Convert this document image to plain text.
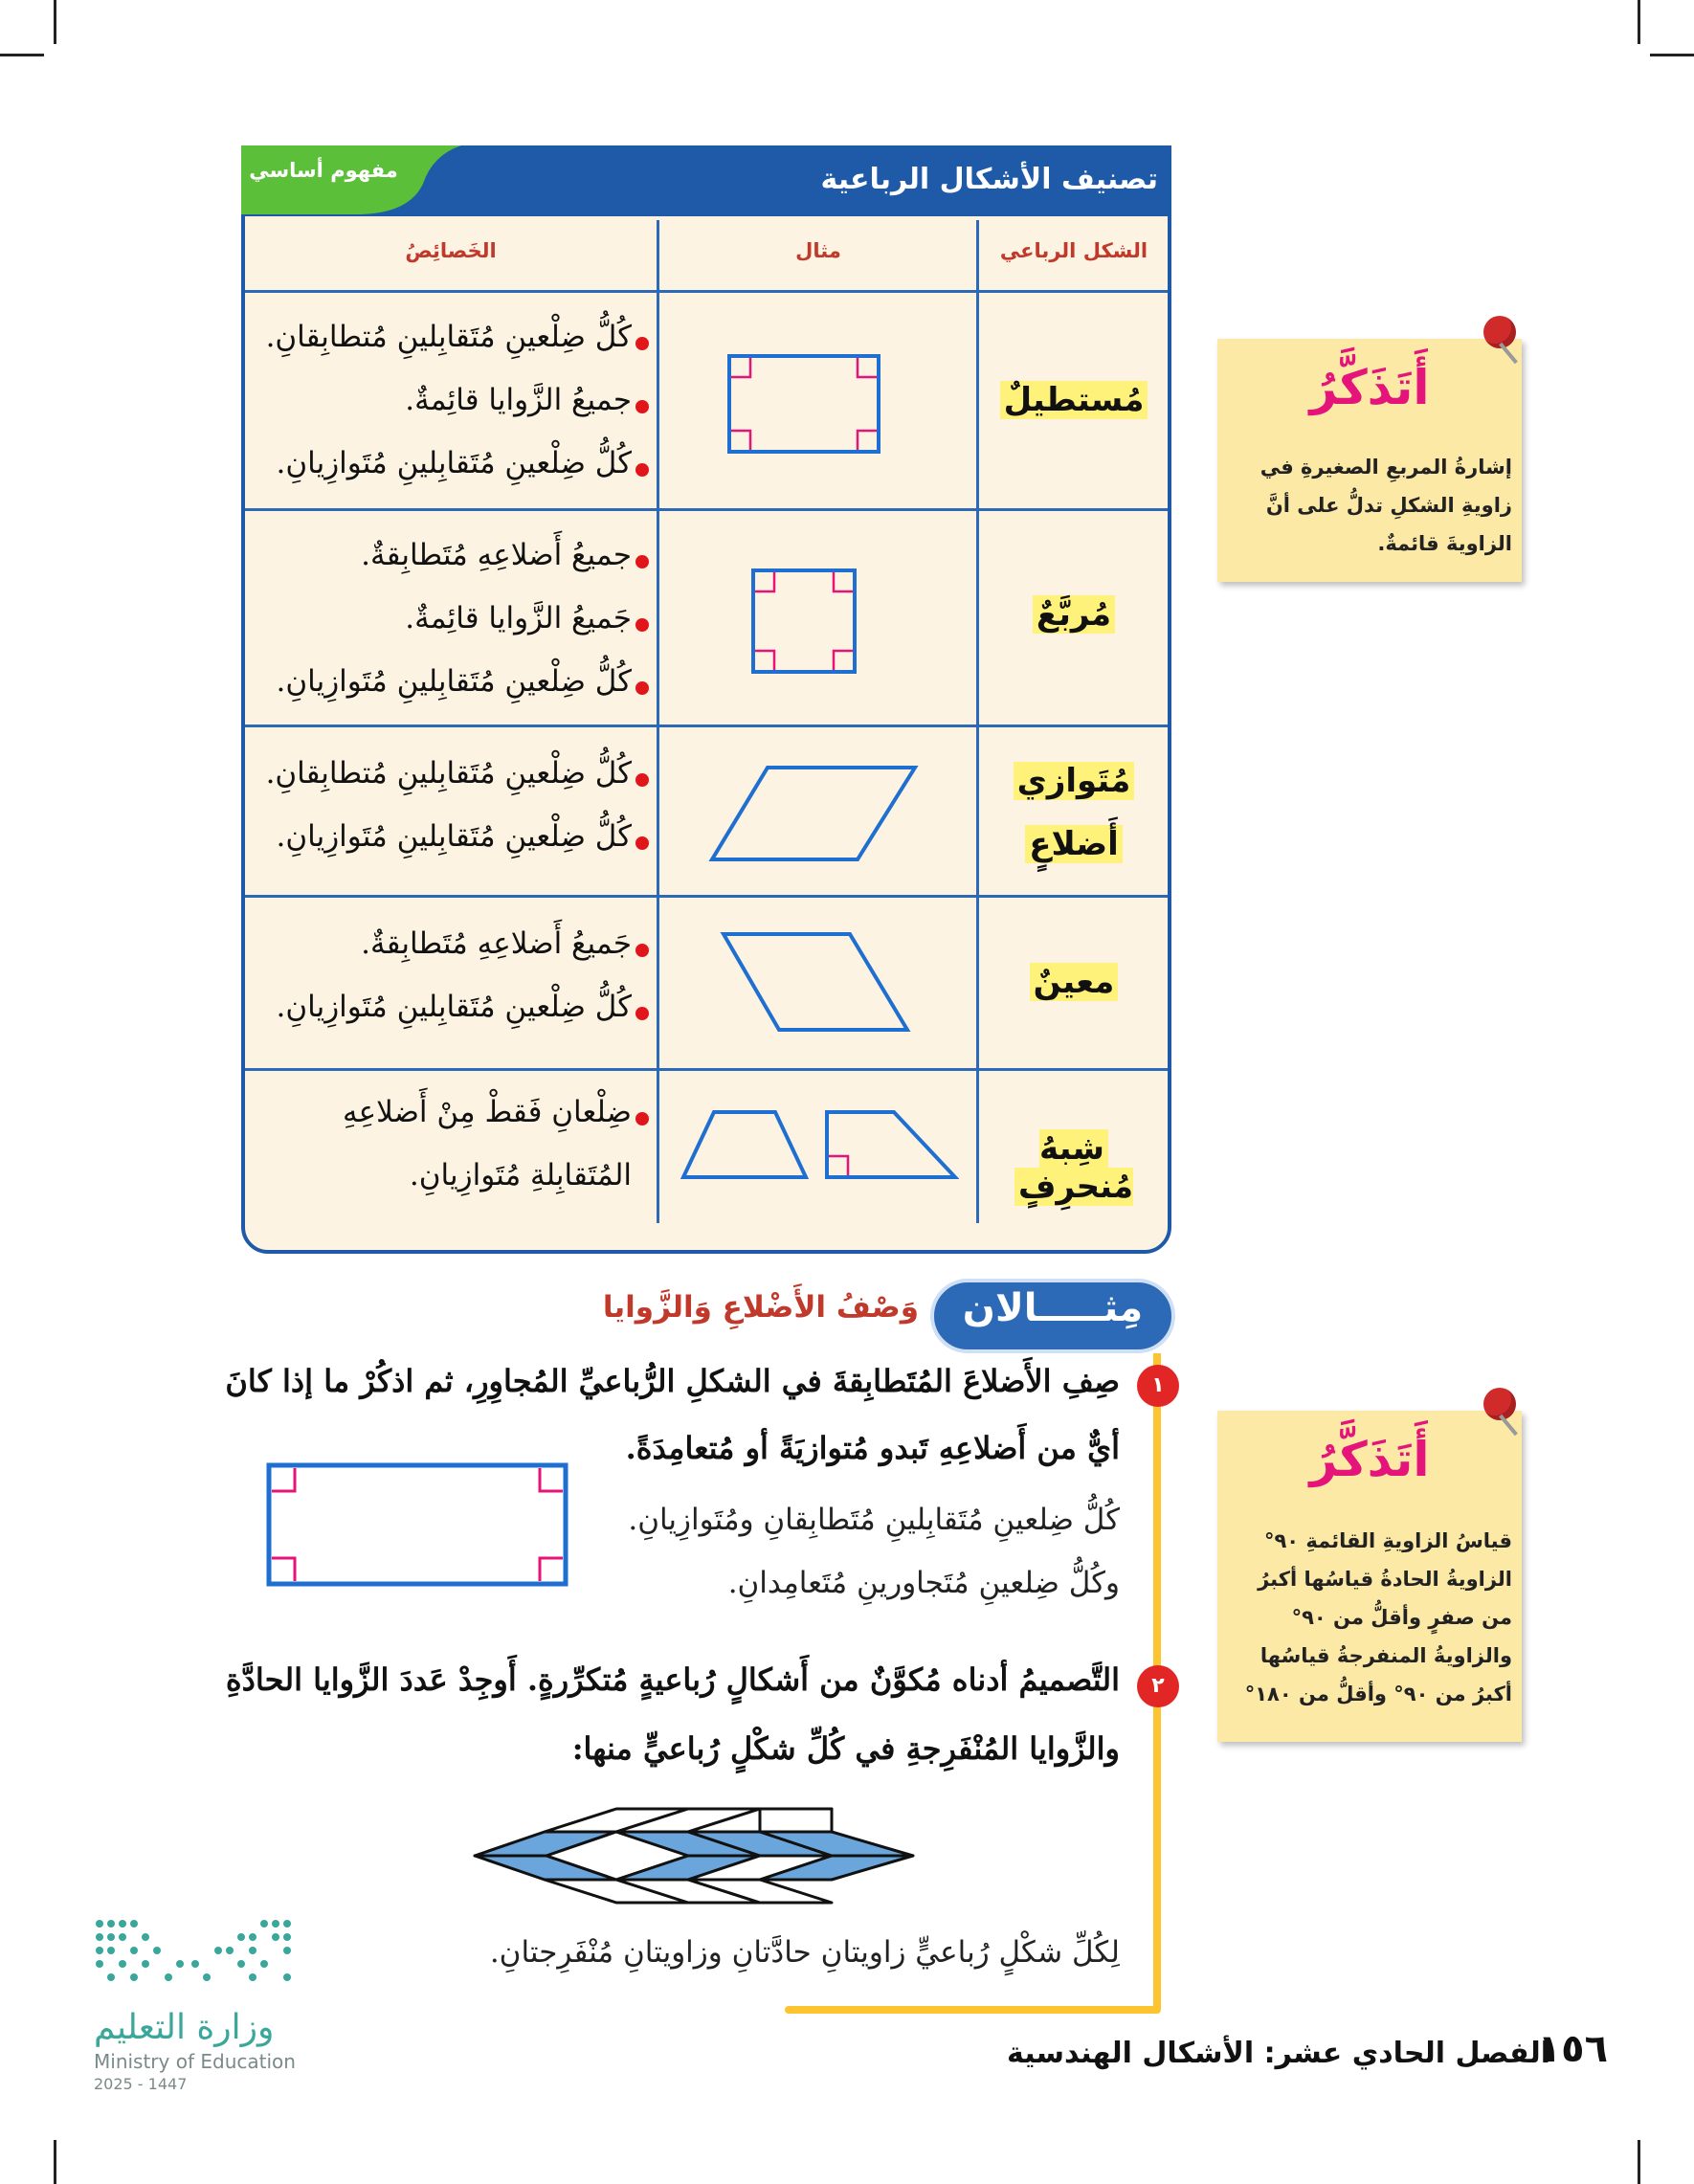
مفهوم أساسي	تصنيف الأشكال الرباعية
الشكل الرباعي
مثال
الخَصائِصُ
مُستطيلٌ
كُلُّ ضِلْعينِ مُتَقابِلينِ مُتطابِقانِ.
جميعُ الزَّوايا قائِمةٌ.
كُلُّ ضِلْعينِ مُتَقابِلينِ مُتَوازِيانِ.
مُربَّعٌ
جميعُ أَضلاعِهِ مُتَطابِقةٌ.
جَميعُ الزَّوايا قائِمةٌ.
كُلُّ ضِلْعينِ مُتَقابِلينِ مُتَوازِيانِ.
مُتَوازي
أَضلاعٍ
كُلُّ ضِلْعينِ مُتَقابِلينِ مُتطابِقانِ.
كُلُّ ضِلْعينِ مُتَقابِلينِ مُتَوازِيانِ.
معينٌ
جَميعُ أَضلاعِهِ مُتَطابِقةٌ.
كُلُّ ضِلْعينِ مُتَقابِلينِ مُتَوازِيانِ.
شِبهُ مُنحرِفٍ
ضِلْعانِ فَقطْ مِنْ أَضلاعِهِ
المُتَقابِلةِ مُتَوازِيانِ.
أَتَذَكَّرُ
إشارةُ المربعِ الصغيرةِ في
زاويةِ الشكلِ تدلُّ على أنَّ
الزاويةَ قائمةٌ.
أَتَذَكَّرُ
قياسُ الزاويةِ القائمةِ ٩٠°
الزاويةُ الحادةُ قياسُها أكبرُ
من صفرٍ وأقلُّ من ٩٠°
والزاويةُ المنفرجةُ قياسُها
أكبرُ من ٩٠° وأقلُّ من ١٨٠°
مِثـــــالان
وَصْفُ الأَضْلاعِ وَالزَّوايا
١
صِفِ الأَضلاعَ المُتَطابِقةَ في الشكلِ الرُّباعيِّ المُجاوِرِ، ثم اذكُرْ ما إذا كانَ
أيٌّ من أَضلاعِهِ تَبدو مُتوازيَةً أو مُتعامِدَةً.
كُلُّ ضِلعينِ مُتَقابِلينِ مُتَطابِقانِ ومُتَوازِيانِ.
وكُلُّ ضِلعينِ مُتَجاورينِ مُتَعامِدانِ.
٢
التَّصميمُ أدناه مُكوَّنٌ من أَشكالٍ رُباعيةٍ مُتكرِّرةٍ. أَوجِدْ عَددَ الزَّوايا الحادَّةِ
والزَّوايا المُنْفَرِجةِ في كُلِّ شكْلٍ رُباعيٍّ منها:
لِكُلِّ شكْلٍ رُباعيٍّ زاويتانِ حادَّتانِ وزاويتانِ مُنْفَرِجتانِ.
١٥٦
الفصل الحادي عشر: الأشكال الهندسية
وزارة التعليم
Ministry of Education
2025 - 1447
